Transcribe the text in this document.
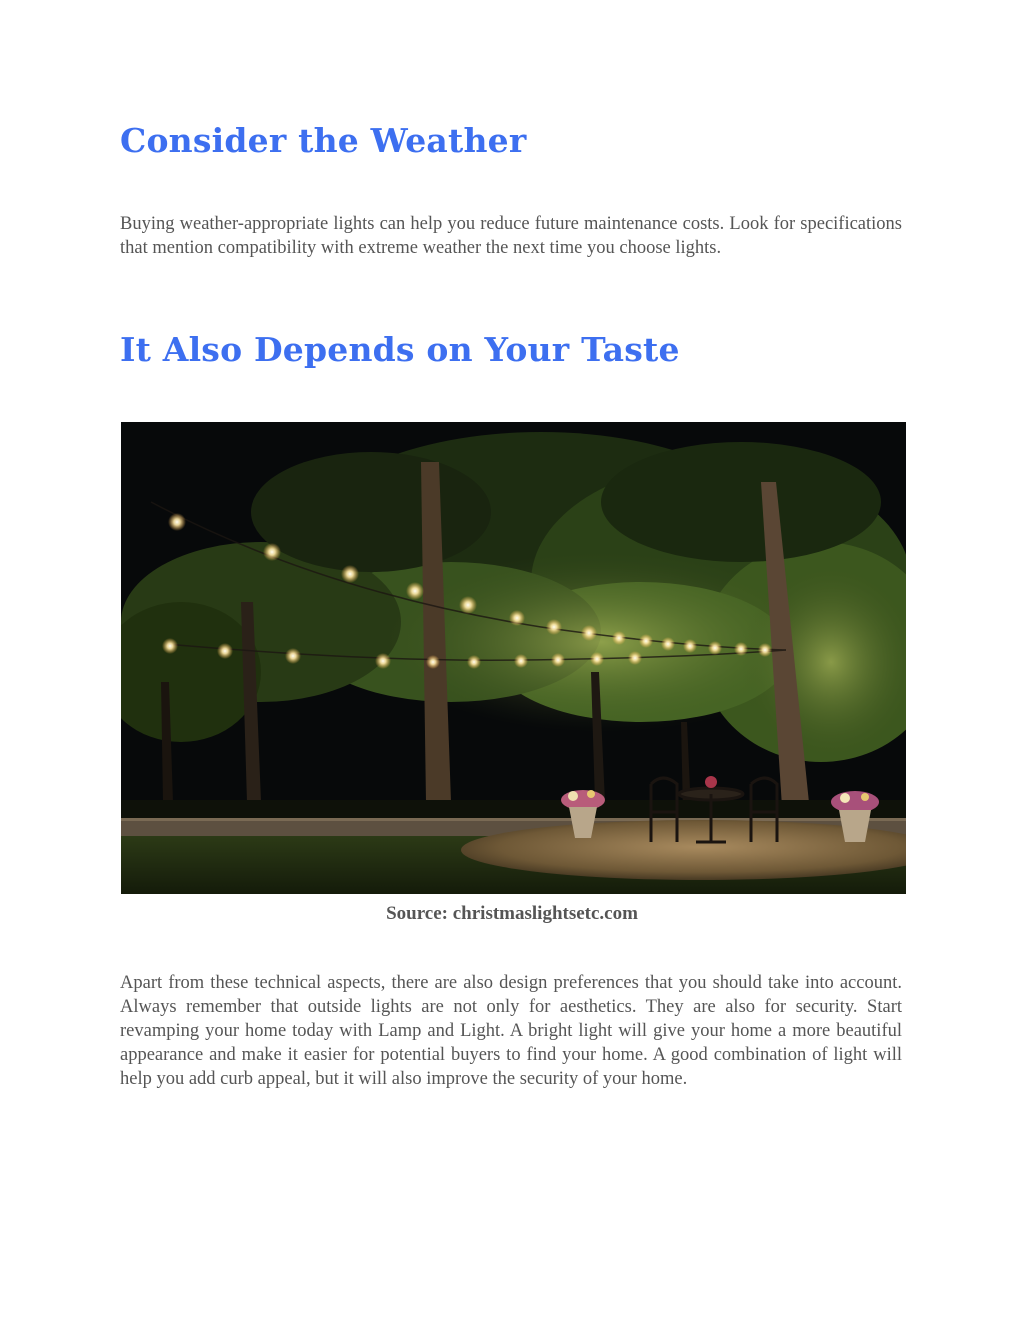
Consider the Weather

Buying weather-appropriate lights can help you reduce future maintenance costs. Look for specifications that mention compatibility with extreme weather the next time you choose lights.

It Also Depends on Your Taste

Source: christmaslightsetc.com

Apart from these technical aspects, there are also design preferences that you should take into account. Always remember that outside lights are not only for aesthetics. They are also for security. Start revamping your home today with Lamp and Light. A bright light will give your home a more beautiful appearance and make it easier for potential buyers to find your home. A good combination of light will help you add curb appeal, but it will also improve the security of your home.
